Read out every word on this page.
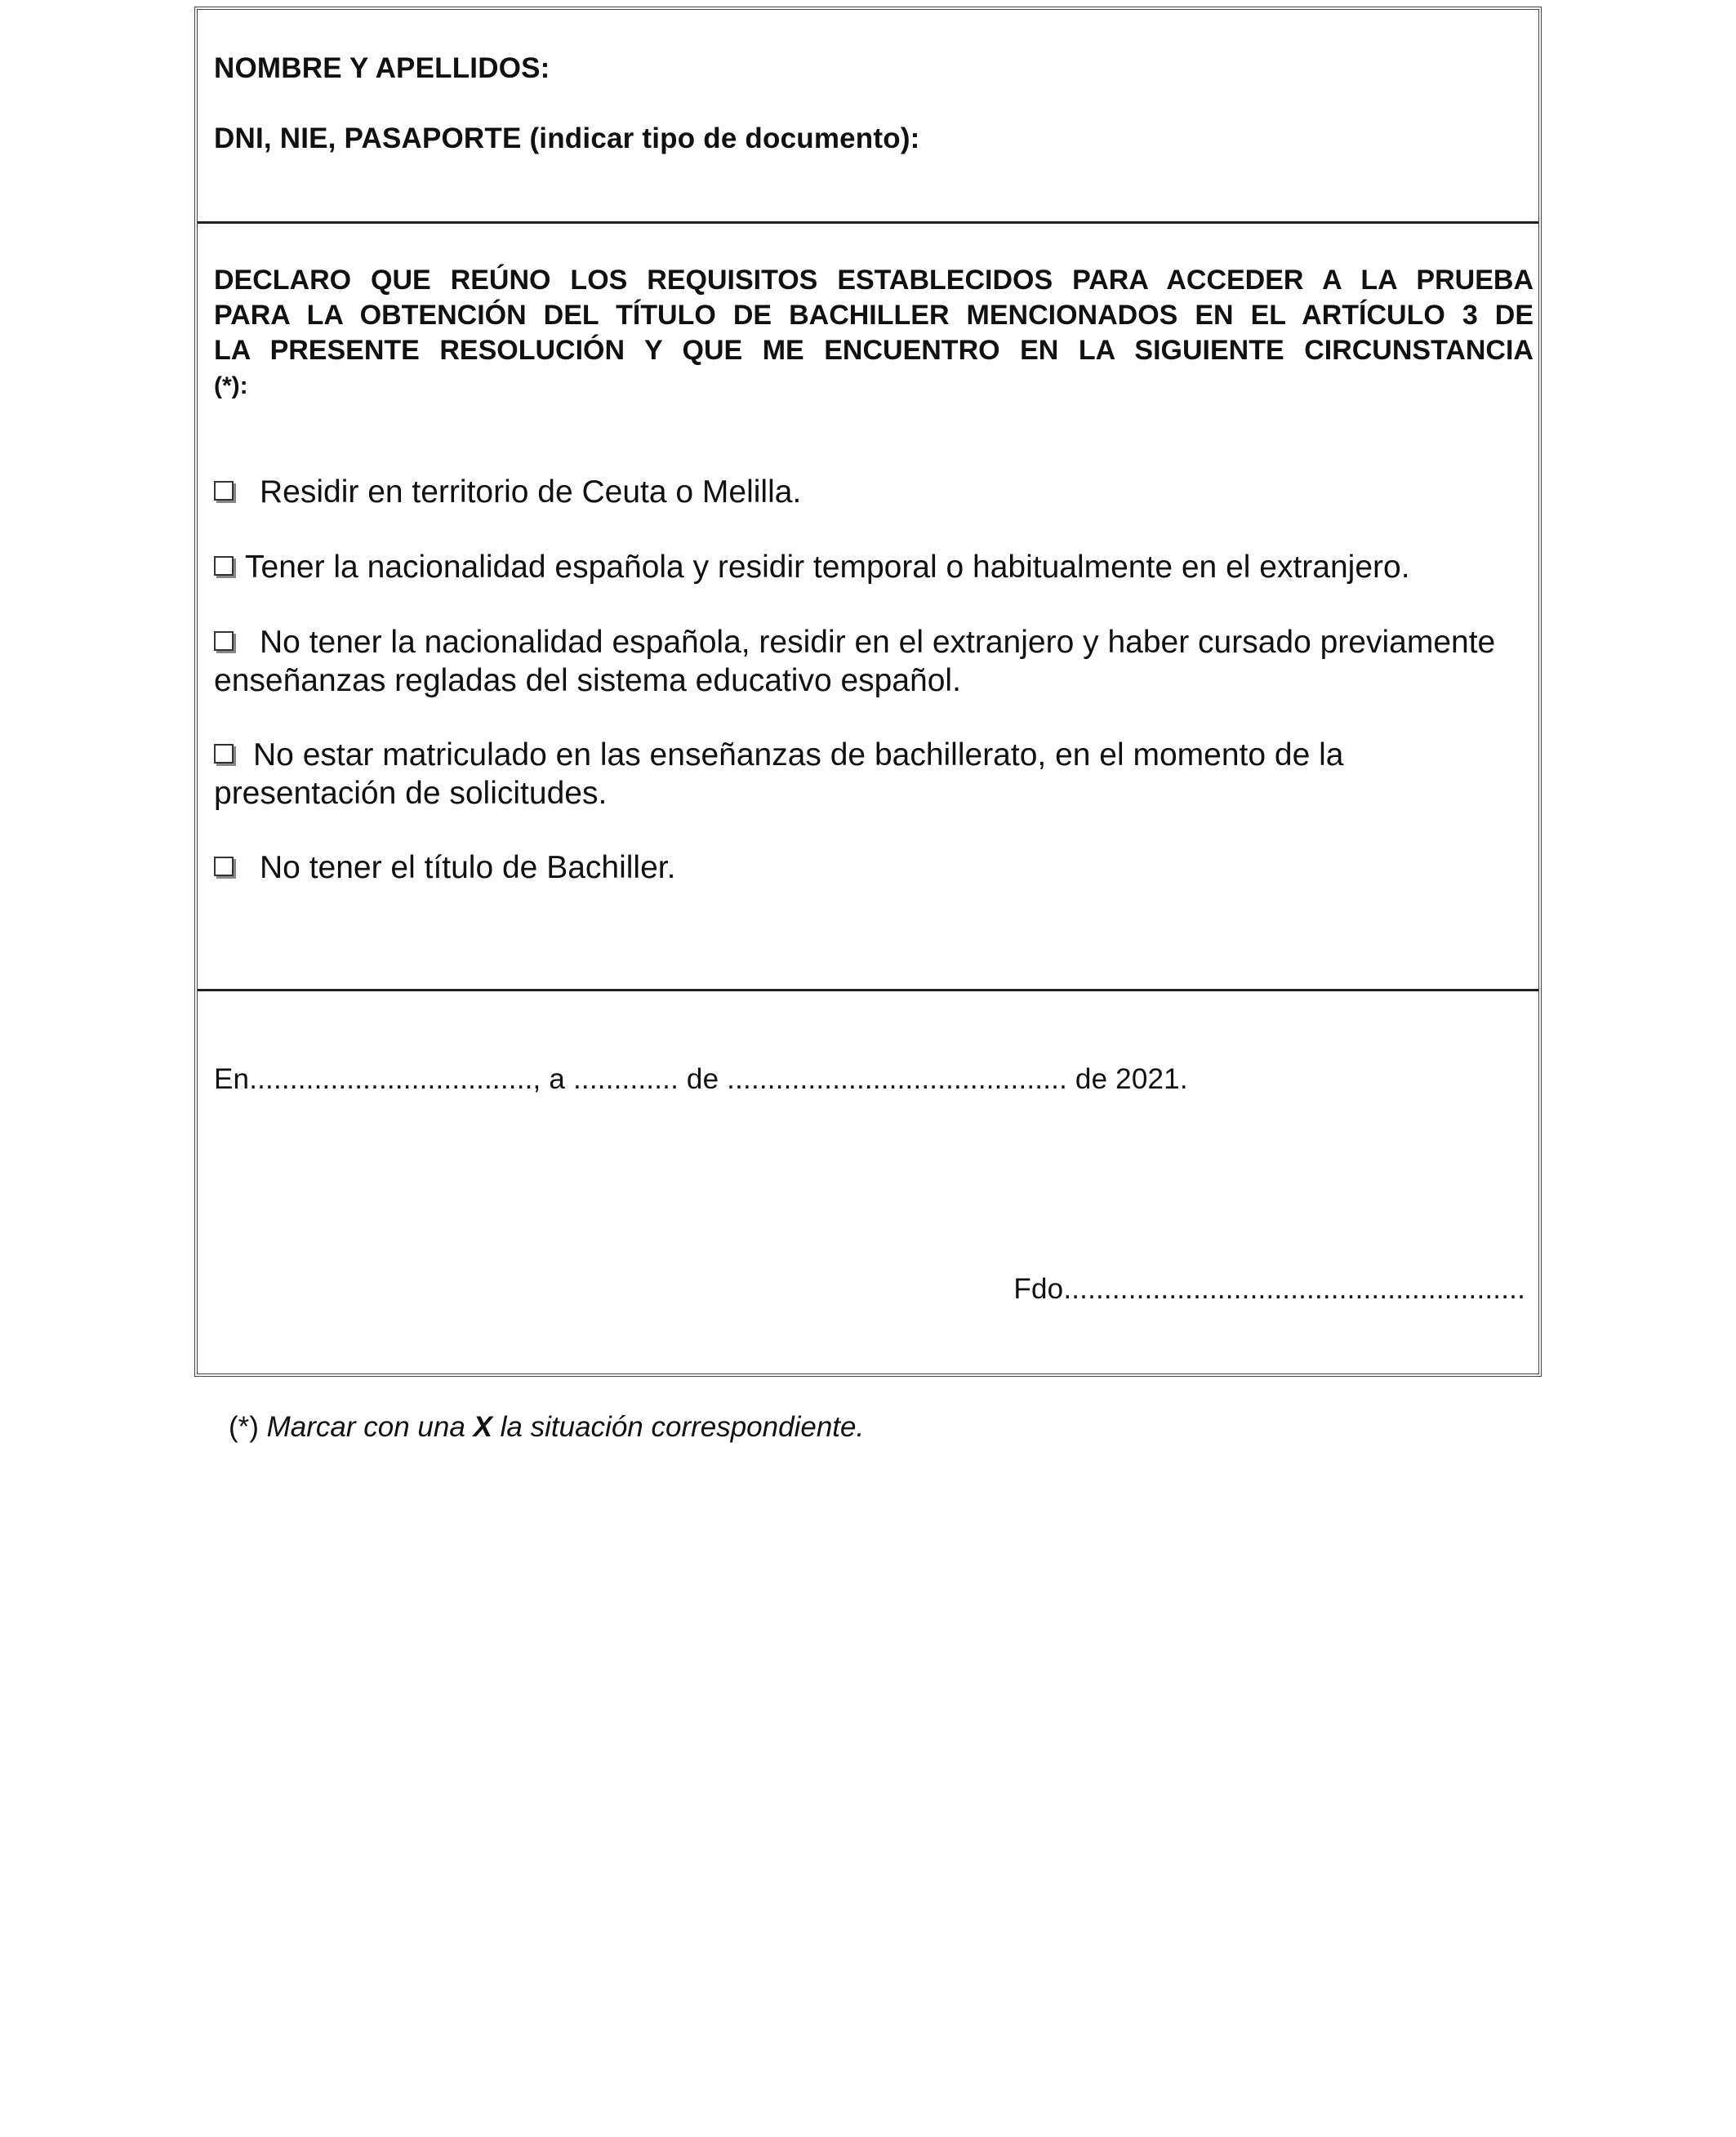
NOMBRE Y APELLIDOS:
DNI, NIE, PASAPORTE (indicar tipo de documento):
DECLARO QUE REÚNO LOS REQUISITOS ESTABLECIDOS PARA ACCEDER A LA PRUEBA
PARA LA OBTENCIÓN DEL TÍTULO DE BACHILLER MENCIONADOS EN EL ARTÍCULO 3 DE
LA PRESENTE RESOLUCIÓN Y QUE ME ENCUENTRO EN LA SIGUIENTE CIRCUNSTANCIA
(*):
Residir en territorio de Ceuta o Melilla.
Tener la nacionalidad española y residir temporal o habitualmente en el extranjero.
No tener la nacionalidad española, residir en el extranjero y haber cursado previamente enseñanzas regladas del sistema educativo español.
No estar matriculado en las enseñanzas de bachillerato, en el momento de la presentación de solicitudes.
No tener el título de Bachiller.
En..................................., a ............. de .......................................... de 2021.
Fdo.........................................................
(*) Marcar con una X la situación correspondiente.
